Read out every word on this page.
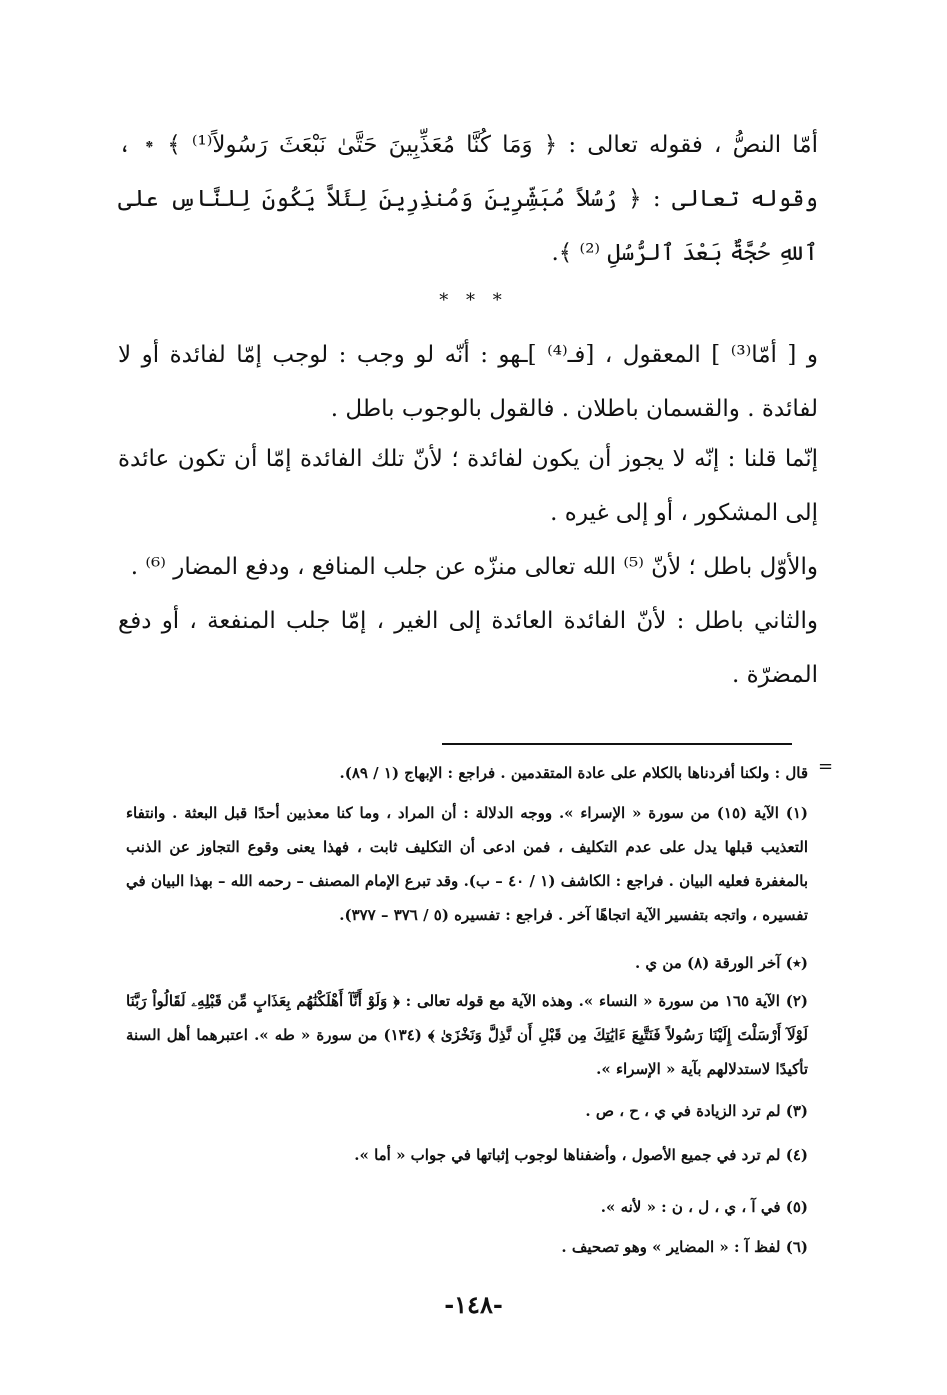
أمّا النصُّ ، فقوله تعالى : ﴿ وَمَا كُنَّا مُعَذِّبِينَ حَتَّىٰ نَبْعَثَ رَسُولاً⁽¹⁾ ﴾ ٭ ، وقوله تعالى : ﴿ رُسُلاً مُبَشِّرِينَ وَمُنذِرِينَ لِئَلاَّ يَكُونَ لِلنَّاسِ على ٱللهِ حُجَّةٌ بَعْدَ ٱلرُّسُلِ ⁽²⁾ ﴾.

* * *

و [ أمّا⁽³⁾ ] المعقول ، [فـ⁽⁴⁾ ]ـهو : أنّه لو وجب : لوجب إمّا لفائدة أو لا لفائدة . والقسمان باطلان . فالقول بالوجوب باطل .

إنّما قلنا : إنّه لا يجوز أن يكون لفائدة ؛ لأنّ تلك الفائدة إمّا أن تكون عائدة إلى المشكور ، أو إلى غيره .

والأوّل باطل ؛ لأنّ ⁽⁵⁾ الله تعالى منزّه عن جلب المنافع ، ودفع المضار ⁽⁶⁾ .

والثاني باطل : لأنّ الفائدة العائدة إلى الغير ، إمّا جلب المنفعة ، أو دفع المضرّة .

=

قال : ولكنا أفردناها بالكلام على عادة المتقدمين . فراجع : الإبهاج (١ / ٨٩).

(١) الآية (١٥) من سورة « الإسراء ». ووجه الدلالة : أن المراد ، وما كنا معذبين أحدًا قبل البعثة . وانتفاء التعذيب قبلها يدل على عدم التكليف ، فمن ادعى أن التكليف ثابت ، فهذا يعنى وقوع التجاوز عن الذنب بالمغفرة فعليه البيان . فراجع : الكاشف (١ / ٤٠ – ب). وقد تبرع الإمام المصنف – رحمه الله – بهذا البيان في تفسيره ، واتجه بتفسير الآية اتجاهًا آخر . فراجع : تفسيره (٥ / ٣٧٦ – ٣٧٧).

(٭) آخر الورقة (٨) من ي .

(٢) الآية ١٦٥ من سورة « النساء ». وهذه الآية مع قوله تعالى : ﴿ وَلَوْ أَنَّآ أَهْلَكْنَٰهُم بِعَذَابٍ مِّن قَبْلِهِۦ لَقَالُواْ رَبَّنَا لَوْلَآ أَرْسَلْتَ إِلَيْنَا رَسُولاً فَنَتَّبِعَ ءَايَٰتِكَ مِن قَبْلِ أَن نَّذِلَّ وَنَخْزَىٰ ﴾ (١٣٤) من سورة « طه ». اعتبرهما أهل السنة تأكيدًا لاستدلالهم بآية « الإسراء ».

(٣) لم ترد الزيادة في ي ، ح ، ص .

(٤) لم ترد في جميع الأصول ، وأضفناها لوجوب إثباتها في جواب « أما ».

(٥) في آ ، ي ، ل ، ن : « لأنه ».

(٦) لفظ آ : « المضاير » وهو تصحيف .

-١٤٨-
